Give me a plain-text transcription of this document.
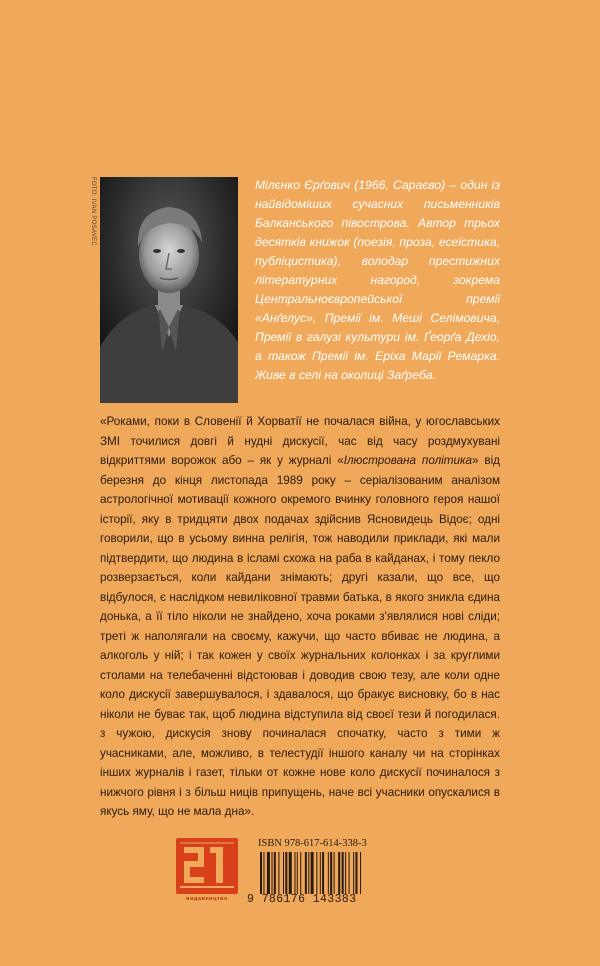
FOTO: IVAN POSAVEC	Мілєнко Єрґович (1966, Сараєво) – один із найвідоміших сучасних письменників Балканського півострова. Автор трьох десятків книжок (поезія, проза, есеїстика, публіцистика), володар престижних літературних нагород, зокрема Центральноєвропейської премії «Анґелус», Премії ім. Меші Селімовича, Премії в галузі культури ім. Ґеорґа Дехіо, а також Премії ім. Еріха Марії Ремарка. Живе в селі на околиці Заґреба.
«Роками, поки в Словенії й Хорватії не почалася війна, у югославських ЗМІ точилися довгі й нудні дискусії, час від часу роздмухувані відкриттями ворожок або – як у журналі «Ілюстрована політика» від березня до кінця листопада 1989 року – серіалізованим аналізом астрологічної мотивації кожного окремого вчинку головного героя нашої історії, яку в тридцяти двох подачах здійснив Ясновидець Відоє; одні говорили, що в усьому винна релігія, тож наводили приклади, які мали підтвердити, що людина в ісламі схожа на раба в кайданах, і тому пекло розверзається, коли кайдани знімають; другі казали, що все, що відбулося, є наслідком невиліковної травми батька, в якого зникла єдина донька, а її тіло ніколи не знайдено, хоча роками з'являлися нові сліди; треті ж наполягали на своєму, кажучи, що часто вбиває не людина, а алкоголь у ній; і так кожен у своїх журнальних колонках і за круглими столами на телебаченні відстоював і доводив свою тезу, але коли одне коло дискусії завершувалося, і здавалося, що бракує висновку, бо в нас ніколи не буває так, щоб людина відступила від своєї тези й погодилася. з чужою, дискусія знову починалася спочатку, часто з тими ж учасниками, але, можливо, в телестудії іншого каналу чи на сторінках інших журналів і газет, тільки от кожне нове коло дискусії починалося з нижчого рівня і з більш ниців припущень, наче всі учасники опускалися в якусь яму, що не мала дна».
видавництво
ISBN 978-617-614-338-3
9 786176 143383
